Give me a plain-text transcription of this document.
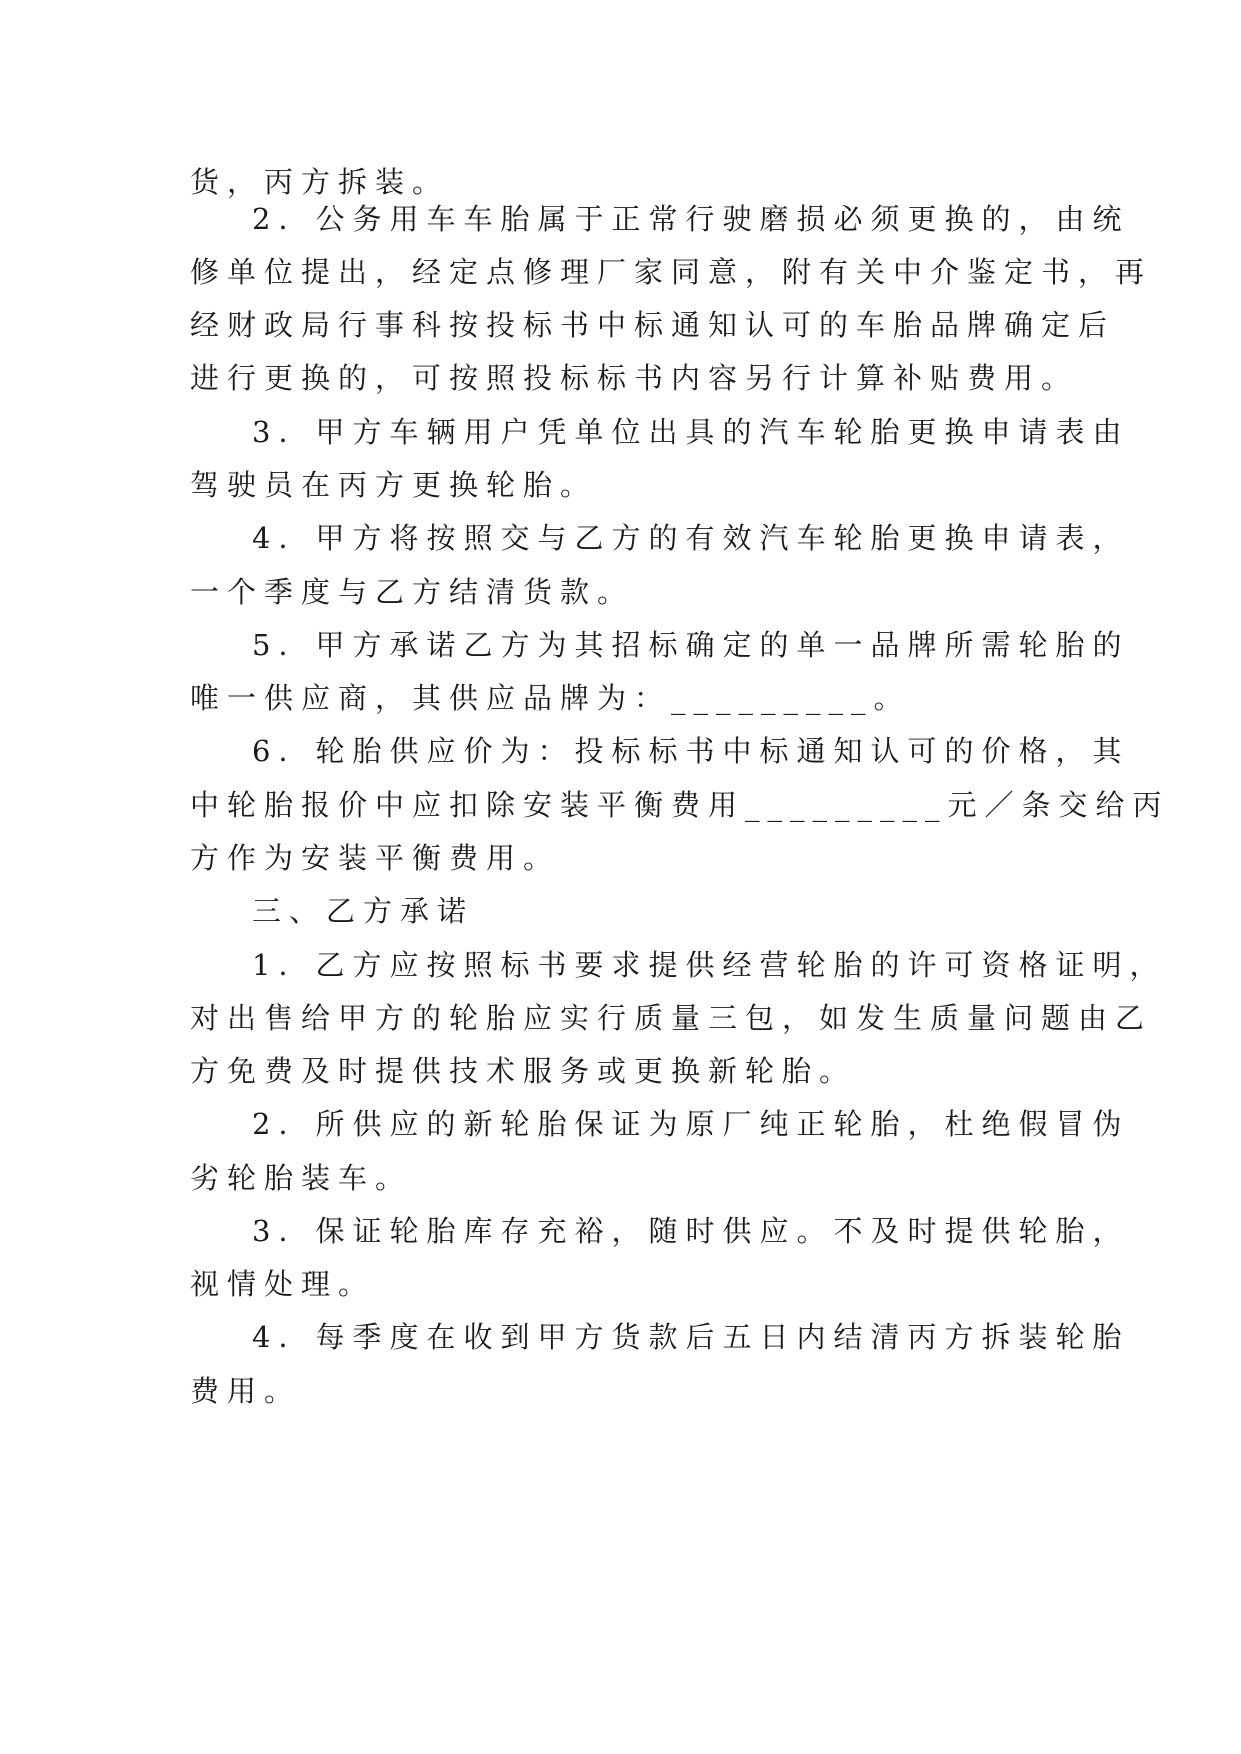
货，丙方拆装。
2．公务用车车胎属于正常行驶磨损必须更换的，由统
修单位提出，经定点修理厂家同意，附有关中介鉴定书，再
经财政局行事科按投标书中标通知认可的车胎品牌确定后
进行更换的，可按照投标标书内容另行计算补贴费用。
3．甲方车辆用户凭单位出具的汽车轮胎更换申请表由
驾驶员在丙方更换轮胎。
4．甲方将按照交与乙方的有效汽车轮胎更换申请表，
一个季度与乙方结清货款。
5．甲方承诺乙方为其招标确定的单一品牌所需轮胎的
唯一供应商，其供应品牌为：_________。
6．轮胎供应价为：投标标书中标通知认可的价格，其
中轮胎报价中应扣除安装平衡费用_________元／条交给丙
方作为安装平衡费用。
三、乙方承诺
1．乙方应按照标书要求提供经营轮胎的许可资格证明，
对出售给甲方的轮胎应实行质量三包，如发生质量问题由乙
方免费及时提供技术服务或更换新轮胎。
2．所供应的新轮胎保证为原厂纯正轮胎，杜绝假冒伪
劣轮胎装车。
3．保证轮胎库存充裕，随时供应。不及时提供轮胎，
视情处理。
4．每季度在收到甲方货款后五日内结清丙方拆装轮胎
费用。
